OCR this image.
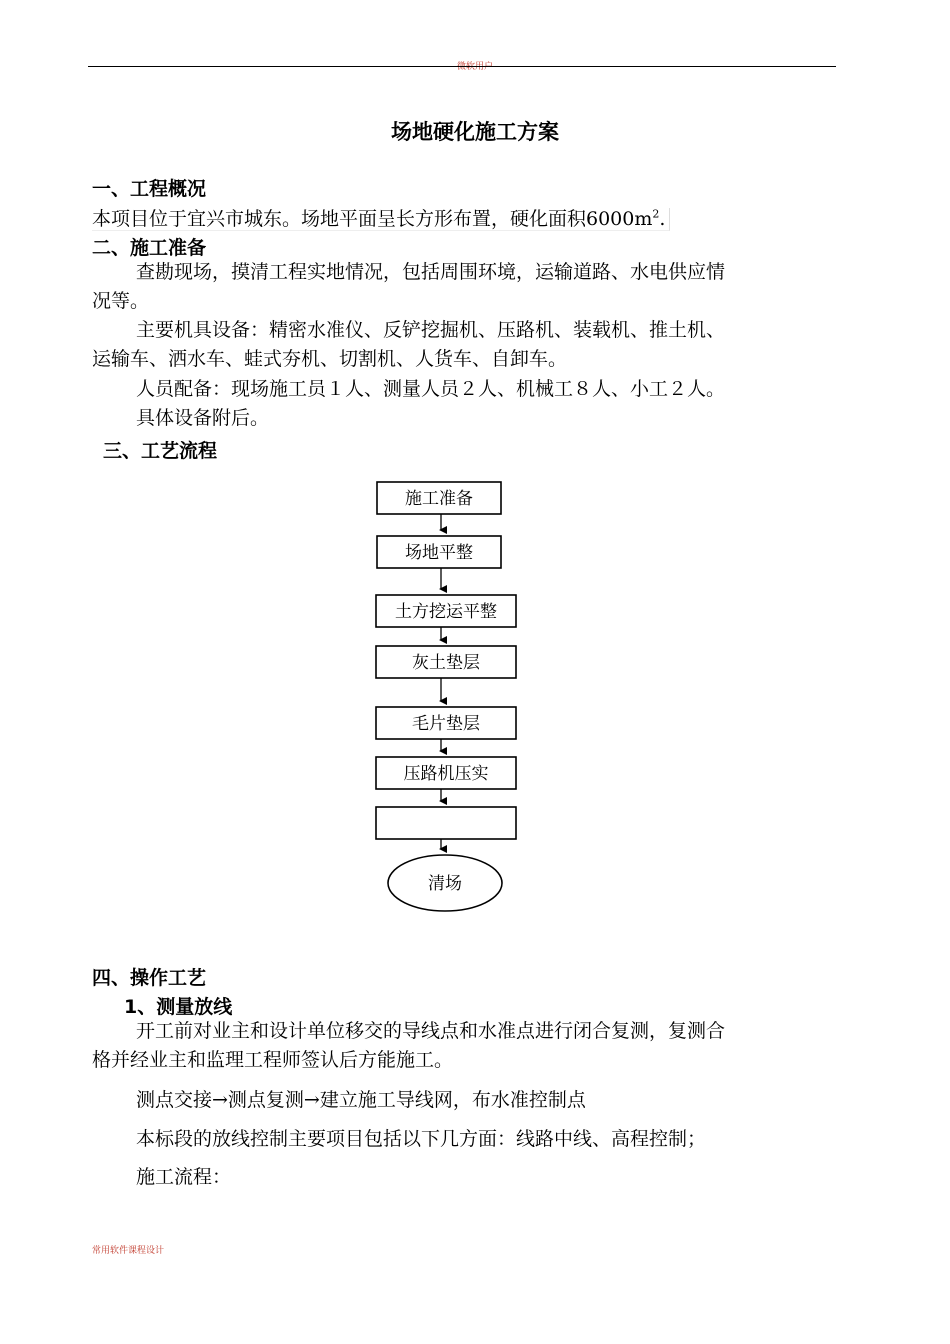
微软用户
场地硬化施工方案
一、工程概况
本项目位于宜兴市城东。场地平面呈长方形布置，硬化面积$6000m^2$.
二、施工准备
查勘现场，摸清工程实地情况，包括周围环境，运输道路、水电供应情
况等。
主要机具设备：精密水准仪、反铲挖掘机、压路机、装载机、推土机、
运输车、洒水车、蛙式夯机、切割机、人货车、自卸车。
人员配备：现场施工员１人、测量人员２人、机械工８人、小工２人。
具体设备附后。
三、工艺流程
施工准备
场地平整
土方挖运平整
灰土垫层
毛片垫层
压路机压实
清场
四、操作工艺
1、测量放线
开工前对业主和设计单位移交的导线点和水准点进行闭合复测，复测合
格并经业主和监理工程师签认后方能施工。
测点交接→测点复测→建立施工导线网，布水准控制点
本标段的放线控制主要项目包括以下几方面：线路中线、高程控制；
施工流程：
常用软件课程设计
